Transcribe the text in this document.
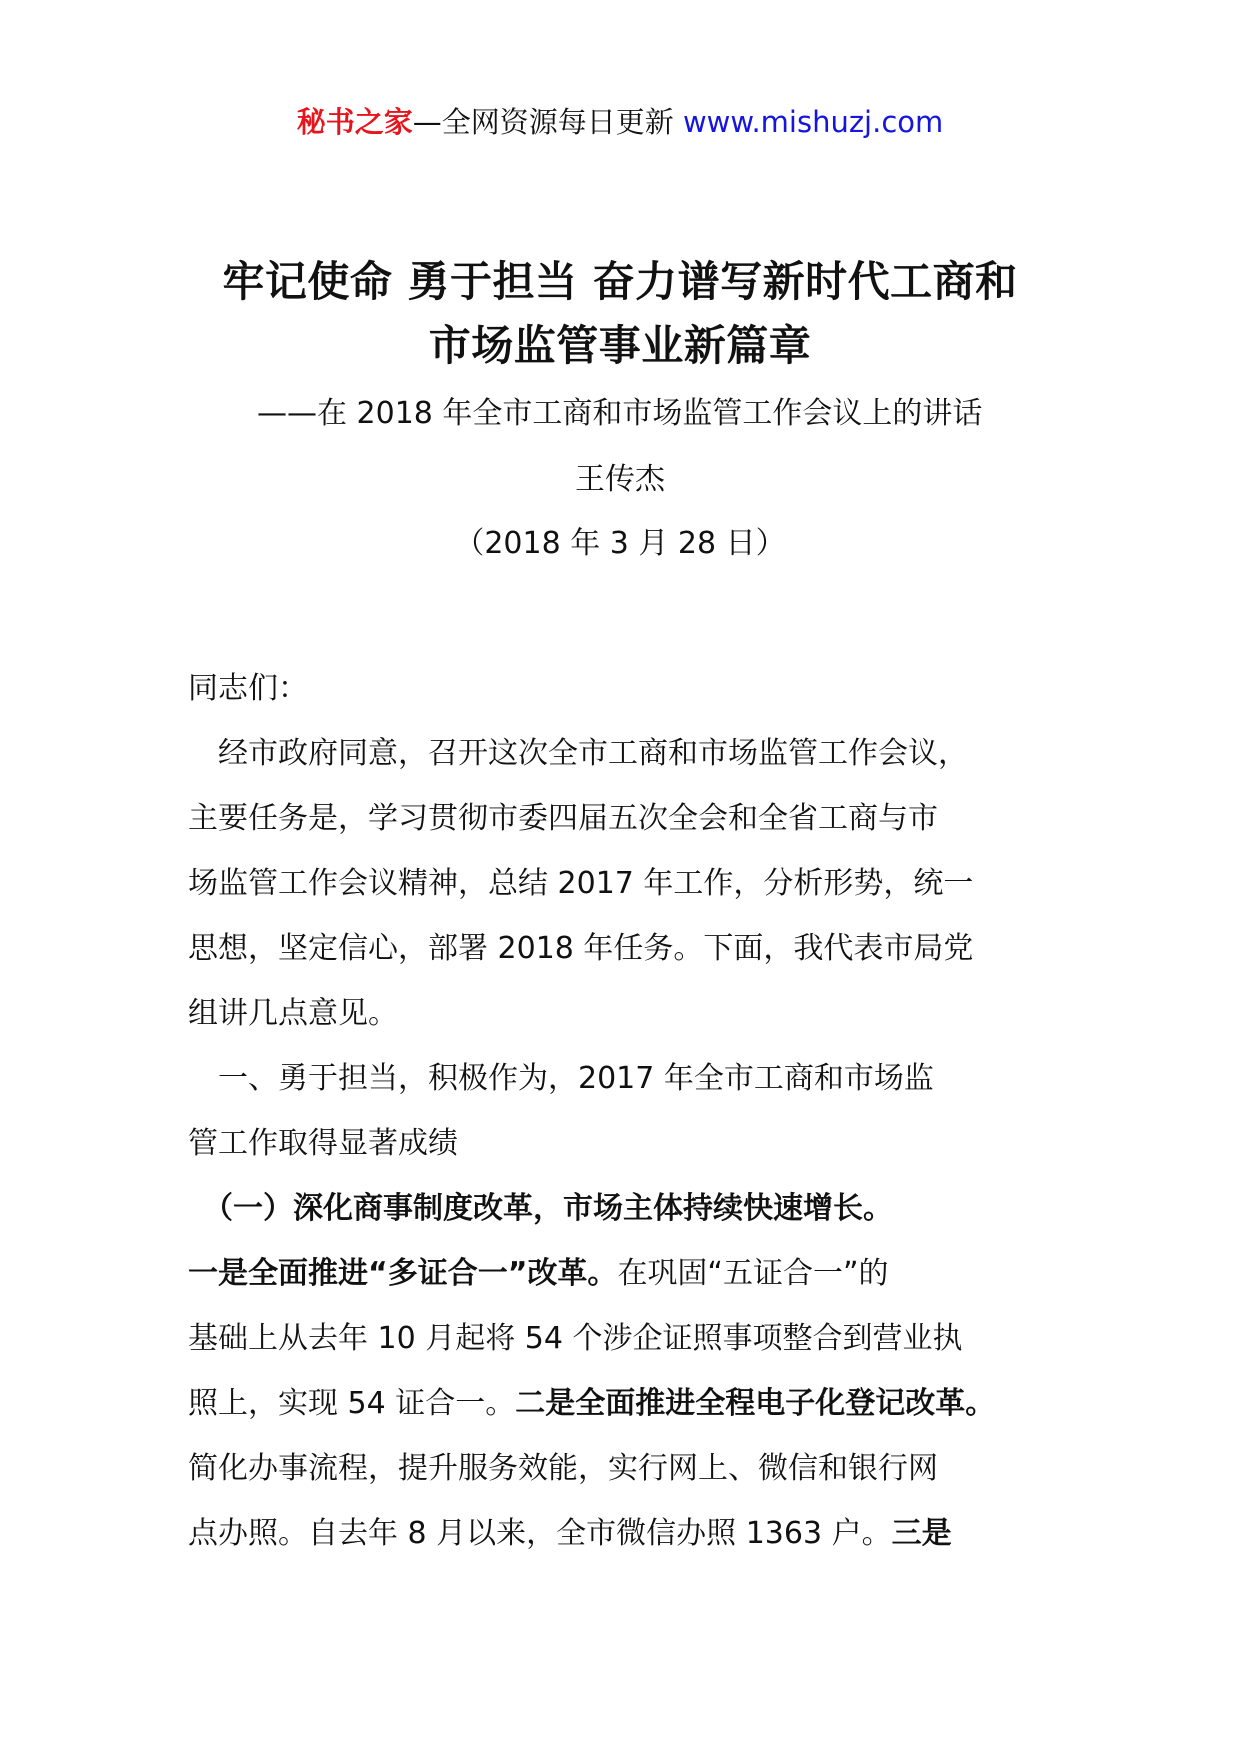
秘书之家—全网资源每日更新 www.mishuzj.com
牢记使命 勇于担当 奋力谱写新时代工商和
市场监管事业新篇章
——在 2018 年全市工商和市场监管工作会议上的讲话
王传杰
（2018 年 3 月 28 日）
同志们：
　经市政府同意，召开这次全市工商和市场监管工作会议，
主要任务是，学习贯彻市委四届五次全会和全省工商与市
场监管工作会议精神，总结 2017 年工作，分析形势，统一
思想，坚定信心，部署 2018 年任务。下面，我代表市局党
组讲几点意见。
　一、勇于担当，积极作为，2017 年全市工商和市场监
管工作取得显著成绩
　（一）深化商事制度改革，市场主体持续快速增长。
一是全面推进“多证合一”改革。在巩固“五证合一”的
基础上从去年 10 月起将 54 个涉企证照事项整合到营业执
照上，实现 54 证合一。二是全面推进全程电子化登记改革。
简化办事流程，提升服务效能，实行网上、微信和银行网
点办照。自去年 8 月以来，全市微信办照 1363 户。三是
